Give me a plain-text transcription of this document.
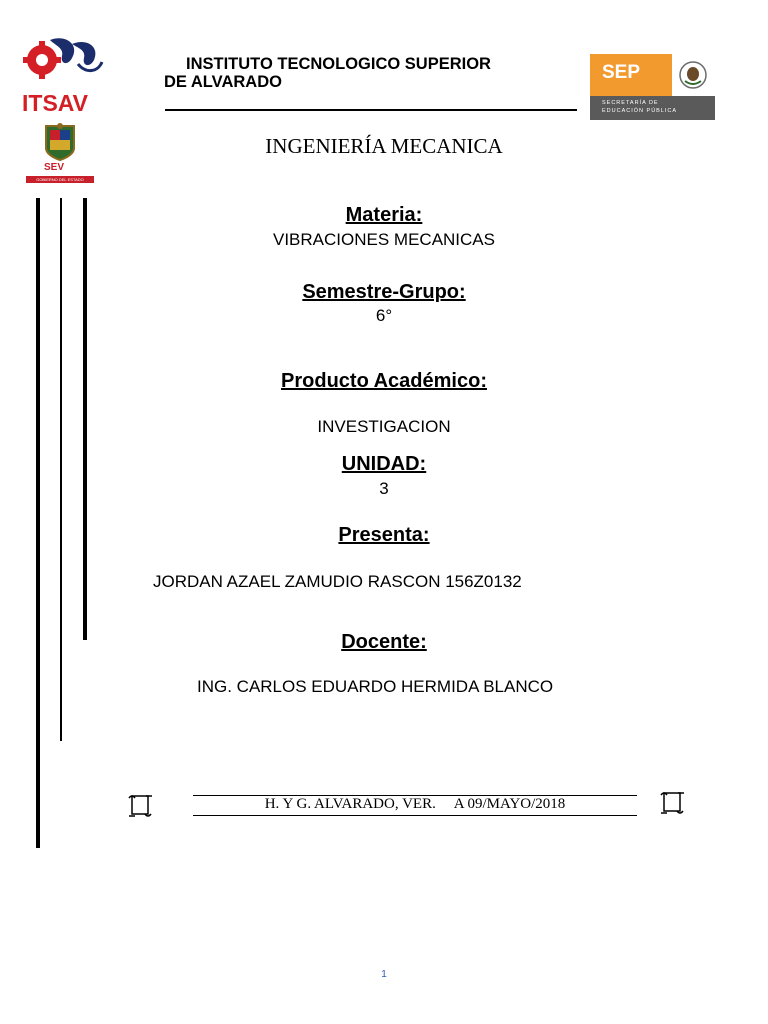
ITSAV
SEV
GOBIERNO DEL ESTADO
INSTITUTO TECNOLOGICO SUPERIOR
DE ALVARADO	SEP
SECRETARÍA DE
EDUCACIÓN PÚBLICA
INGENIERÍA MECANICA
Materia:
VIBRACIONES MECANICAS
Semestre-Grupo:
6°
Producto Académico:
INVESTIGACION
UNIDAD:
3
Presenta:
JORDAN AZAEL ZAMUDIO RASCON 156Z0132
Docente:
ING. CARLOS EDUARDO HERMIDA BLANCO
H. Y G. ALVARADO, VER.     A 09/MAYO/2018
1
